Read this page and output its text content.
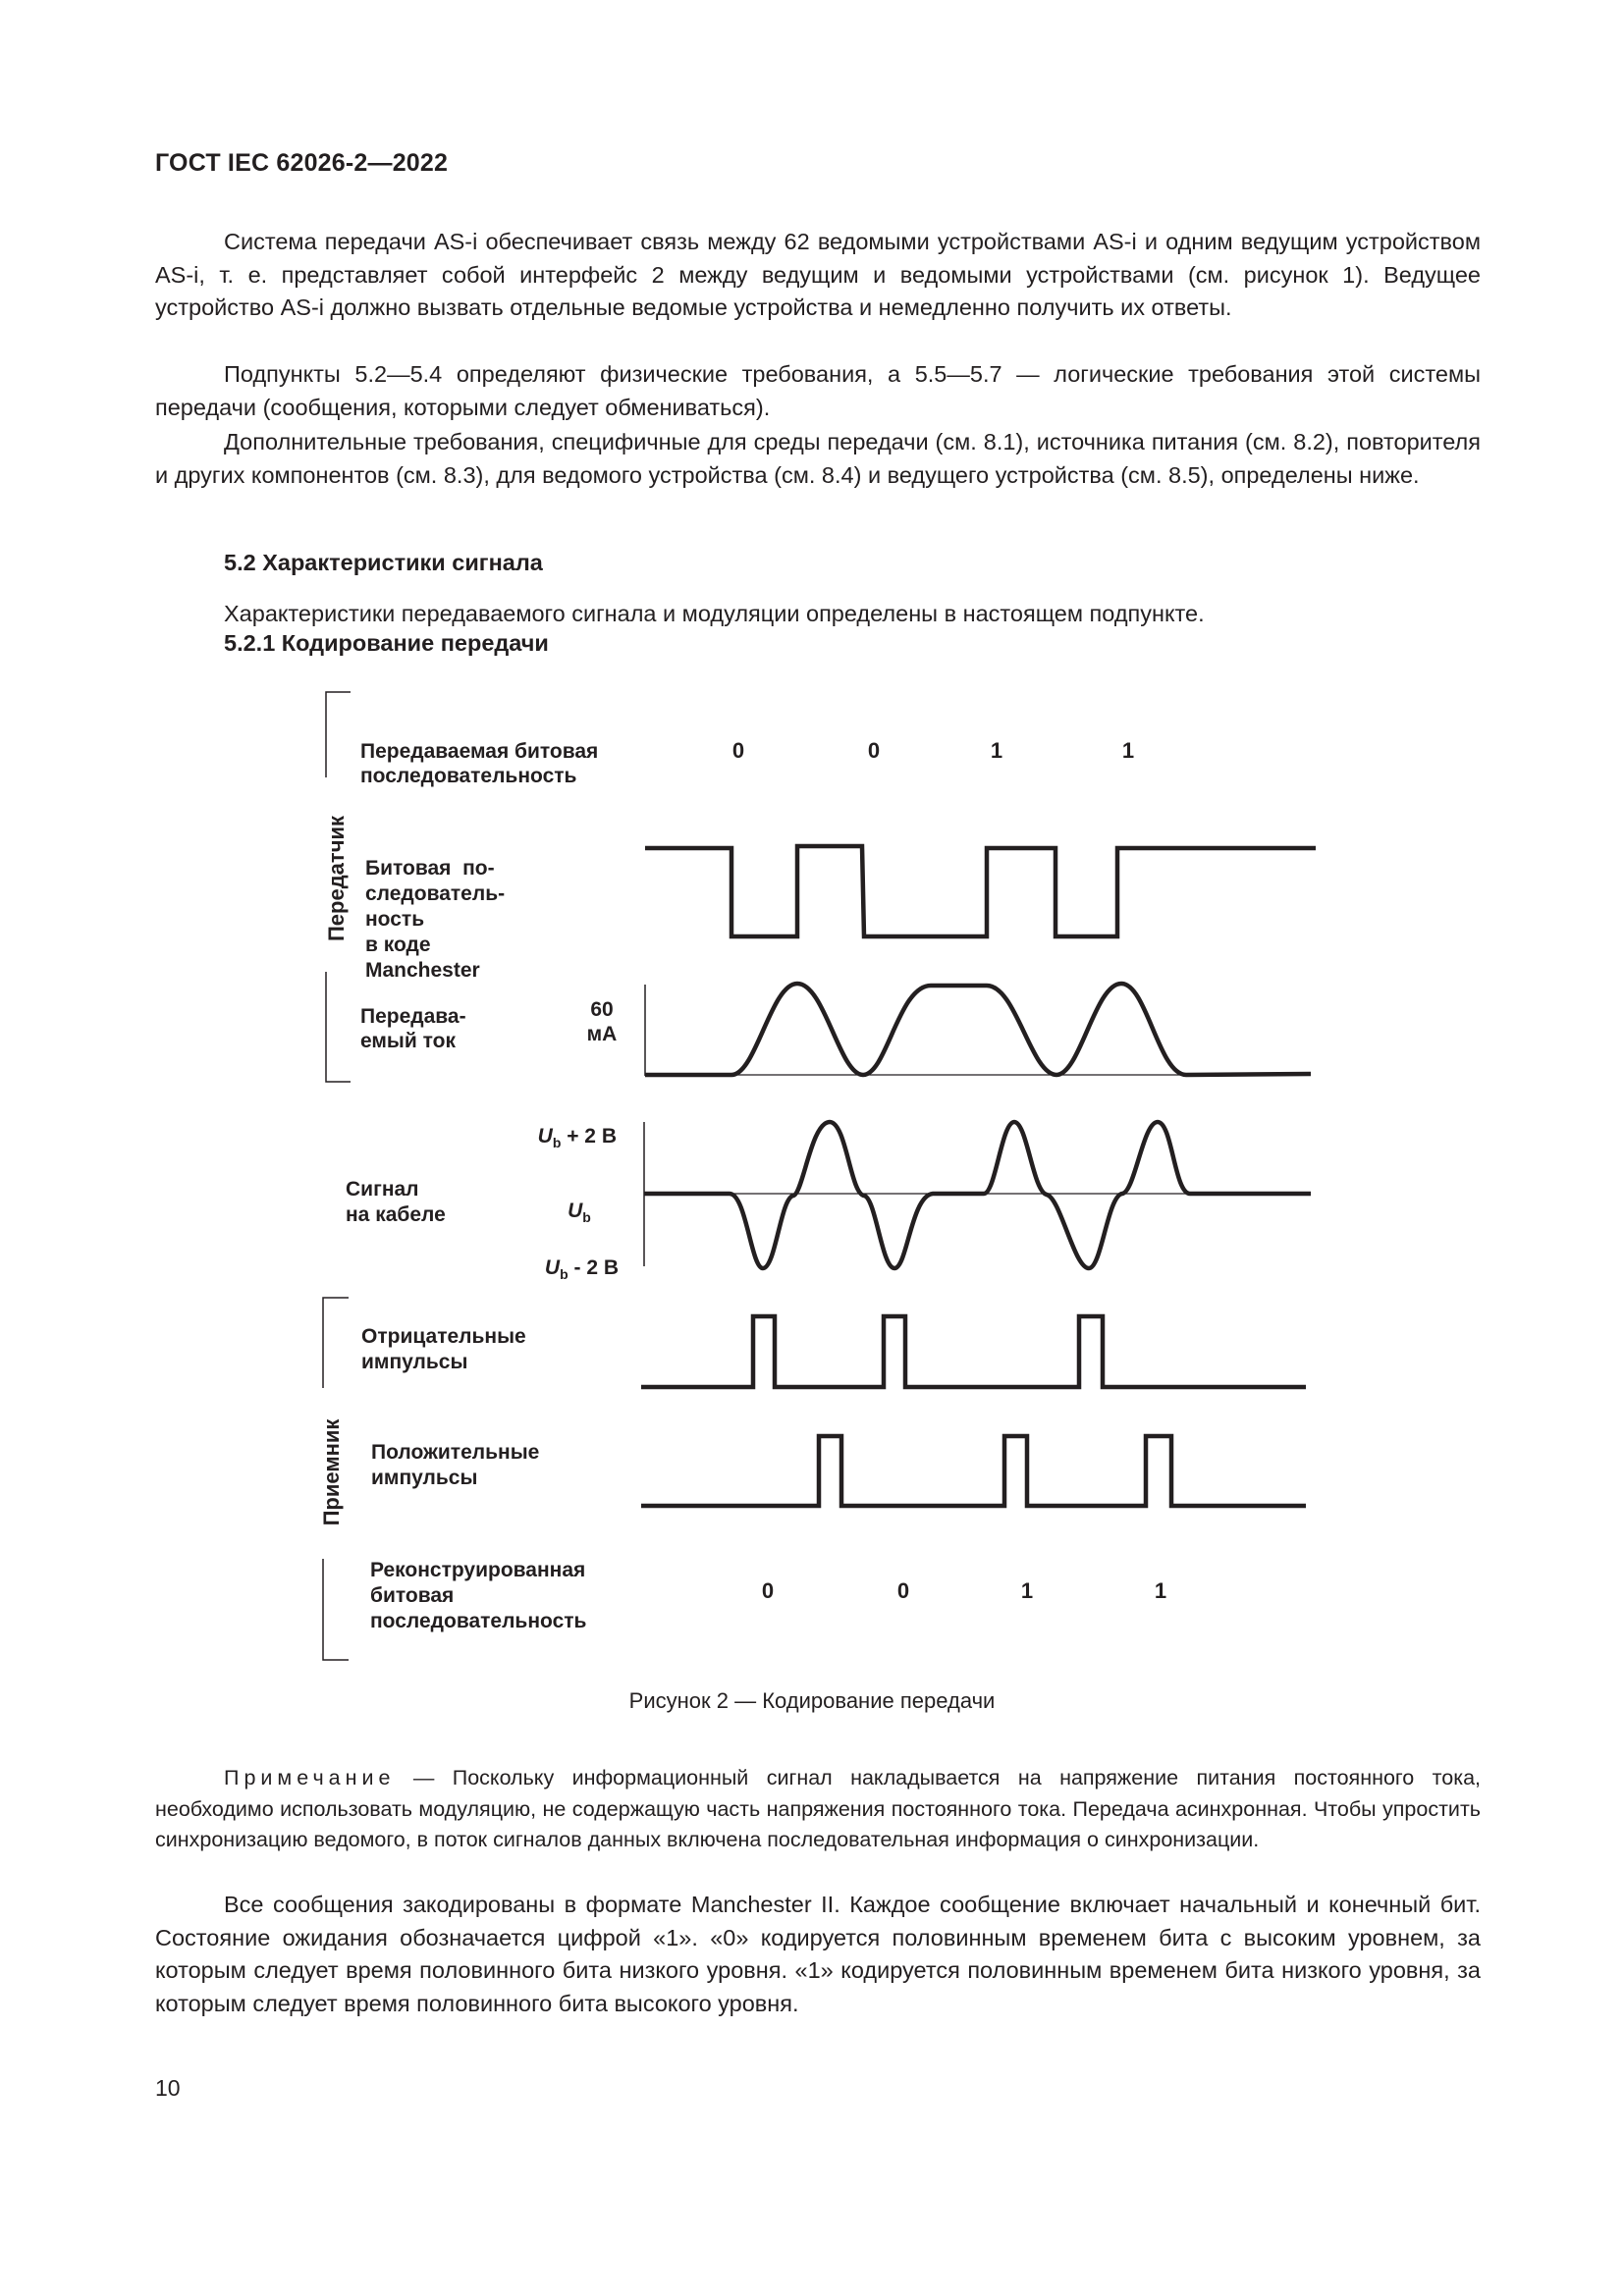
ГОСТ IEC 62026-2—2022

Система передачи AS-i обеспечивает связь между 62 ведомыми устройствами AS-i и одним ведущим устройством AS-i, т. е. представляет собой интерфейс 2 между ведущим и ведомыми устройствами (см. рисунок 1). Ведущее устройство AS-i должно вызвать отдельные ведомые устройства и немедленно получить их ответы.

Подпункты 5.2—5.4 определяют физические требования, а 5.5—5.7 — логические требования этой системы передачи (сообщения, которыми следует обмениваться).

Дополнительные требования, специфичные для среды передачи (см. 8.1), источника питания (см. 8.2), повторителя и других компонентов (см. 8.3), для ведомого устройства (см. 8.4) и ведущего устройства (см. 8.5), определены ниже.

5.2 Характеристики сигнала

Характеристики передаваемого сигнала и модуляции определены в настоящем подпункте.

5.2.1 Кодирование передачи
Передатчик
Передаваемая битовая
последовательность
0	0	1	1
Битовая  по-
следователь-
ность
в коде
Manchester
Передава-
емый ток
60
мА
Сигнал
на кабеле
$U_b + 2$ В
$U_b$
$U_b - 2$ В
Приемник
Отрицательные
импульсы
Положительные
импульсы
Реконструированная
битовая
последовательность
0	0	1	1
Рисунок 2 — Кодирование передачи

Примечание — Поскольку информационный сигнал накладывается на напряжение питания постоянного тока, необходимо использовать модуляцию, не содержащую часть напряжения постоянного тока. Передача асинхронная. Чтобы упростить синхронизацию ведомого, в поток сигналов данных включена последовательная информация о синхронизации.

Все сообщения закодированы в формате Manchester II. Каждое сообщение включает начальный и конечный бит. Состояние ожидания обозначается цифрой «1». «0» кодируется половинным временем бита с высоким уровнем, за которым следует время половинного бита низкого уровня. «1» кодируется половинным временем бита низкого уровня, за которым следует время половинного бита высокого уровня.

10
